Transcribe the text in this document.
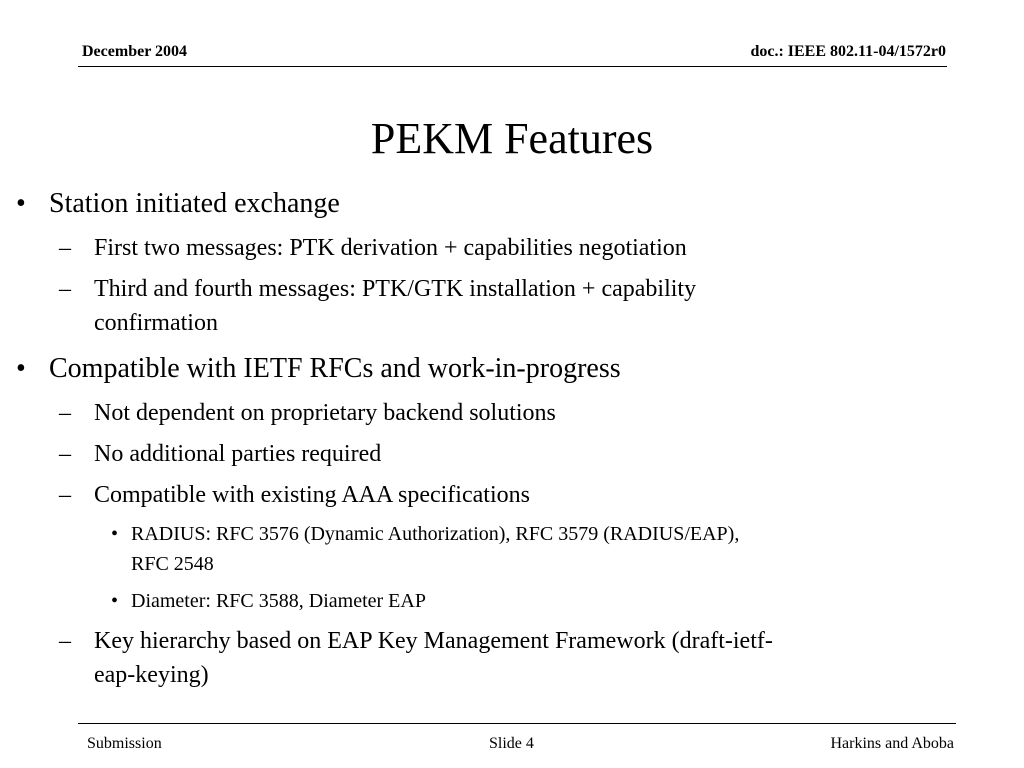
December 2004	doc.: IEEE 802.11-04/1572r0
PEKM Features
• Station initiated exchange
– First two messages: PTK derivation + capabilities negotiation
– Third and fourth messages: PTK/GTK installation + capability
confirmation
• Compatible with IETF RFCs and work-in-progress
– Not dependent on proprietary backend solutions
– No additional parties required
– Compatible with existing AAA specifications
• RADIUS: RFC 3576 (Dynamic Authorization), RFC 3579 (RADIUS/EAP),
RFC 2548
• Diameter: RFC 3588, Diameter EAP
– Key hierarchy based on EAP Key Management Framework (draft-ietf-
eap-keying)
Submission	Slide 4	Harkins and Aboba
